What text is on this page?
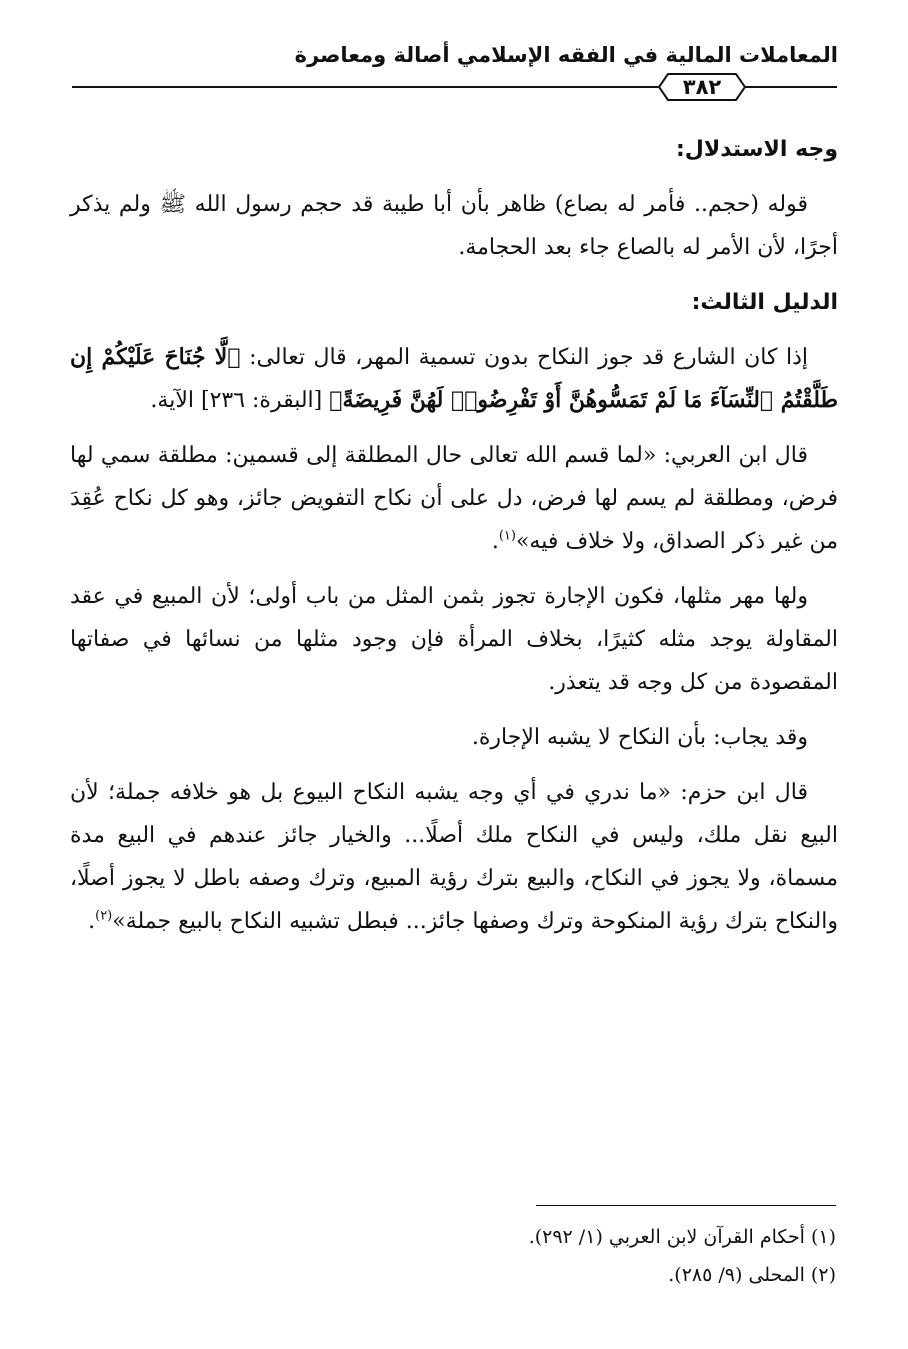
المعاملات المالية في الفقه الإسلامي أصالة ومعاصرة
٣٨٢

وجه الاستدلال:

قوله (حجم.. فأمر له بصاع) ظاهر بأن أبا طيبة قد حجم رسول الله ﷺ ولم يذكر أجرًا، لأن الأمر له بالصاع جاء بعد الحجامة.

الدليل الثالث:

إذا كان الشارع قد جوز النكاح بدون تسمية المهر، قال تعالى: ﴿لَّا جُنَاحَ عَلَيْكُمْ إِن طَلَّقْتُمُ ٱلنِّسَآءَ مَا لَمْ تَمَسُّوهُنَّ أَوْ تَفْرِضُوا۟ لَهُنَّ فَرِيضَةً﴾ [البقرة: ٢٣٦] الآية.

قال ابن العربي: «لما قسم الله تعالى حال المطلقة إلى قسمين: مطلقة سمي لها فرض، ومطلقة لم يسم لها فرض، دل على أن نكاح التفويض جائز، وهو كل نكاح عُقِدَ من غير ذكر الصداق، ولا خلاف فيه»$^{(١)}$.

ولها مهر مثلها، فكون الإجارة تجوز بثمن المثل من باب أولى؛ لأن المبيع في عقد المقاولة يوجد مثله كثيرًا، بخلاف المرأة فإن وجود مثلها من نسائها في صفاتها المقصودة من كل وجه قد يتعذر.

وقد يجاب: بأن النكاح لا يشبه الإجارة.

قال ابن حزم: «ما ندري في أي وجه يشبه النكاح البيوع بل هو خلافه جملة؛ لأن البيع نقل ملك، وليس في النكاح ملك أصلًا... والخيار جائز عندهم في البيع مدة مسماة، ولا يجوز في النكاح، والبيع بترك رؤية المبيع، وترك وصفه باطل لا يجوز أصلًا، والنكاح بترك رؤية المنكوحة وترك وصفها جائز... فبطل تشبيه النكاح بالبيع جملة»$^{(٢)}$.

(١) أحكام القرآن لابن العربي (١/ ٢٩٢).

(٢) المحلى (٩/ ٢٨٥).
